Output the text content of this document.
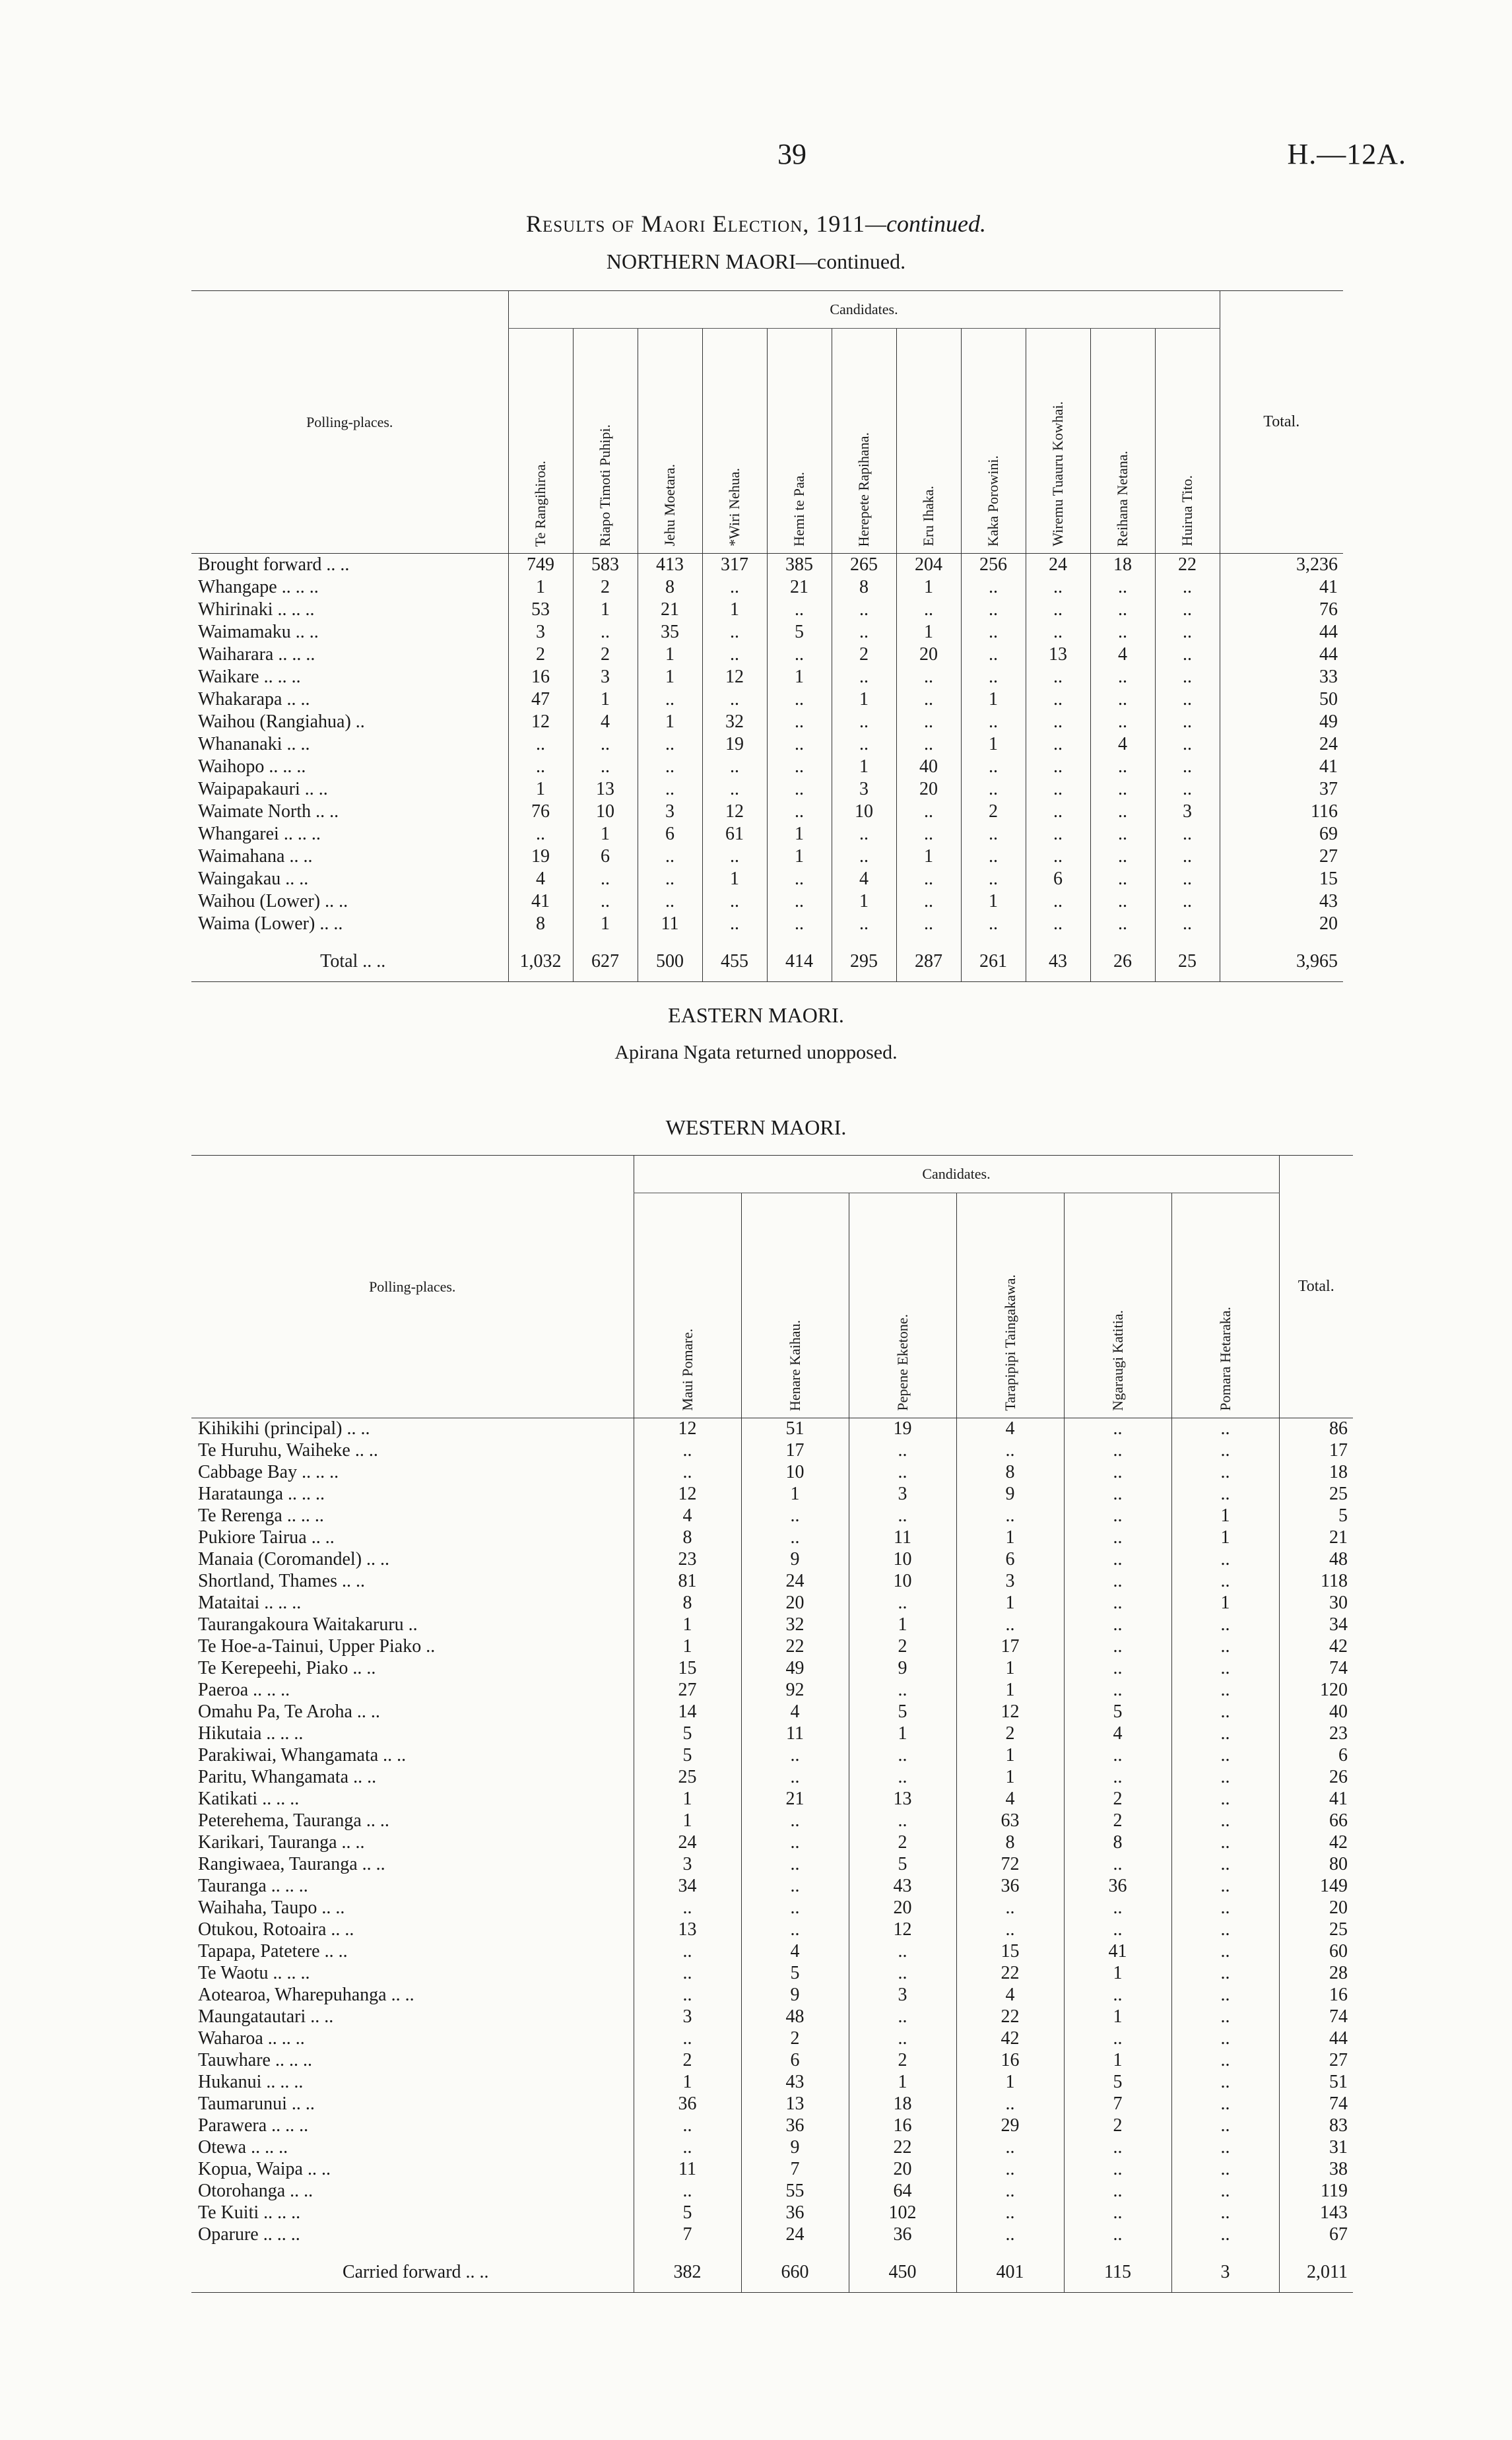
39	H.—12A.
Results of Maori Election, 1911—continued.
NORTHERN MAORI—continued.
Polling-places.	Candidates.											Total.

	Te Rangihiroa.	Riapo Timoti Puhipi.	Jehu Moetara.	*Wiri Nehua.	Hemi te Paa.	Herepete Rapihana.	Eru Ihaka.	Kaka Porowini.	Wiremu Tuauru Kowhai.	Reihana Netana.	Huirua Tito.	

Brought forward .. ..	749	583	413	317	385	265	204	256	24	18	22	3,236
Whangape .. .. ..	1	2	8	..	21	8	1	..	..	..	..	41
Whirinaki .. .. ..	53	1	21	1	..	..	..	..	..	..	..	76
Waimamaku .. ..	3	..	35	..	5	..	1	..	..	..	..	44
Waiharara .. .. ..	2	2	1	..	..	2	20	..	13	4	..	44
Waikare .. .. ..	16	3	1	12	1	..	..	..	..	..	..	33
Whakarapa .. ..	47	1	..	..	..	1	..	1	..	..	..	50
Waihou (Rangiahua) ..	12	4	1	32	..	..	..	..	..	..	..	49
Whananaki .. ..	..	..	..	19	..	..	..	1	..	4	..	24
Waihopo .. .. ..	..	..	..	..	..	1	40	..	..	..	..	41
Waipapakauri .. ..	1	13	..	..	..	3	20	..	..	..	..	37
Waimate North .. ..	76	10	3	12	..	10	..	2	..	..	3	116
Whangarei .. .. ..	..	1	6	61	1	..	..	..	..	..	..	69
Waimahana .. ..	19	6	..	..	1	..	1	..	..	..	..	27
Waingakau .. ..	4	..	..	1	..	4	..	..	6	..	..	15
Waihou (Lower) .. ..	41	..	..	..	..	1	..	1	..	..	..	43
Waima (Lower) .. ..	8	1	11	..	..	..	..	..	..	..	..	20
Total .. ..	1,032	627	500	455	414	295	287	261	43	26	25	3,965
EASTERN MAORI.
Apirana Ngata returned unopposed.
WESTERN MAORI.
Polling-places.	Candidates.						Total.

	Maui Pomare.	Henare Kaihau.	Pepene Eketone.	Tarapipipi Taingakawa.	Ngaraugi Katitia.	Pomara Hetaraka.	

Kihikihi (principal) .. ..	12	51	19	4	..	..	86
Te Huruhu, Waiheke .. ..	..	17	..	..	..	..	17
Cabbage Bay .. .. ..	..	10	..	8	..	..	18
Harataunga .. .. ..	12	1	3	9	..	..	25
Te Rerenga .. .. ..	4	..	..	..	..	1	5
Pukiore Tairua .. ..	8	..	11	1	..	1	21
Manaia (Coromandel) .. ..	23	9	10	6	..	..	48
Shortland, Thames .. ..	81	24	10	3	..	..	118
Mataitai .. .. ..	8	20	..	1	..	1	30
Taurangakoura Waitakaruru ..	1	32	1	..	..	..	34
Te Hoe-a-Tainui, Upper Piako ..	1	22	2	17	..	..	42
Te Kerepeehi, Piako .. ..	15	49	9	1	..	..	74
Paeroa .. .. ..	27	92	..	1	..	..	120
Omahu Pa, Te Aroha .. ..	14	4	5	12	5	..	40
Hikutaia .. .. ..	5	11	1	2	4	..	23
Parakiwai, Whangamata .. ..	5	..	..	1	..	..	6
Paritu, Whangamata .. ..	25	..	..	1	..	..	26
Katikati .. .. ..	1	21	13	4	2	..	41
Peterehema, Tauranga .. ..	1	..	..	63	2	..	66
Karikari, Tauranga .. ..	24	..	2	8	8	..	42
Rangiwaea, Tauranga .. ..	3	..	5	72	..	..	80
Tauranga .. .. ..	34	..	43	36	36	..	149
Waihaha, Taupo .. ..	..	..	20	..	..	..	20
Otukou, Rotoaira .. ..	13	..	12	..	..	..	25
Tapapa, Patetere .. ..	..	4	..	15	41	..	60
Te Waotu .. .. ..	..	5	..	22	1	..	28
Aotearoa, Wharepuhanga .. ..	..	9	3	4	..	..	16
Maungatautari .. ..	3	48	..	22	1	..	74
Waharoa .. .. ..	..	2	..	42	..	..	44
Tauwhare .. .. ..	2	6	2	16	1	..	27
Hukanui .. .. ..	1	43	1	1	5	..	51
Taumarunui .. ..	36	13	18	..	7	..	74
Parawera .. .. ..	..	36	16	29	2	..	83
Otewa .. .. ..	..	9	22	..	..	..	31
Kopua, Waipa .. ..	11	7	20	..	..	..	38
Otorohanga .. ..	..	55	64	..	..	..	119
Te Kuiti .. .. ..	5	36	102	..	..	..	143
Oparure .. .. ..	7	24	36	..	..	..	67
Carried forward .. ..	382	660	450	401	115	3	2,011
